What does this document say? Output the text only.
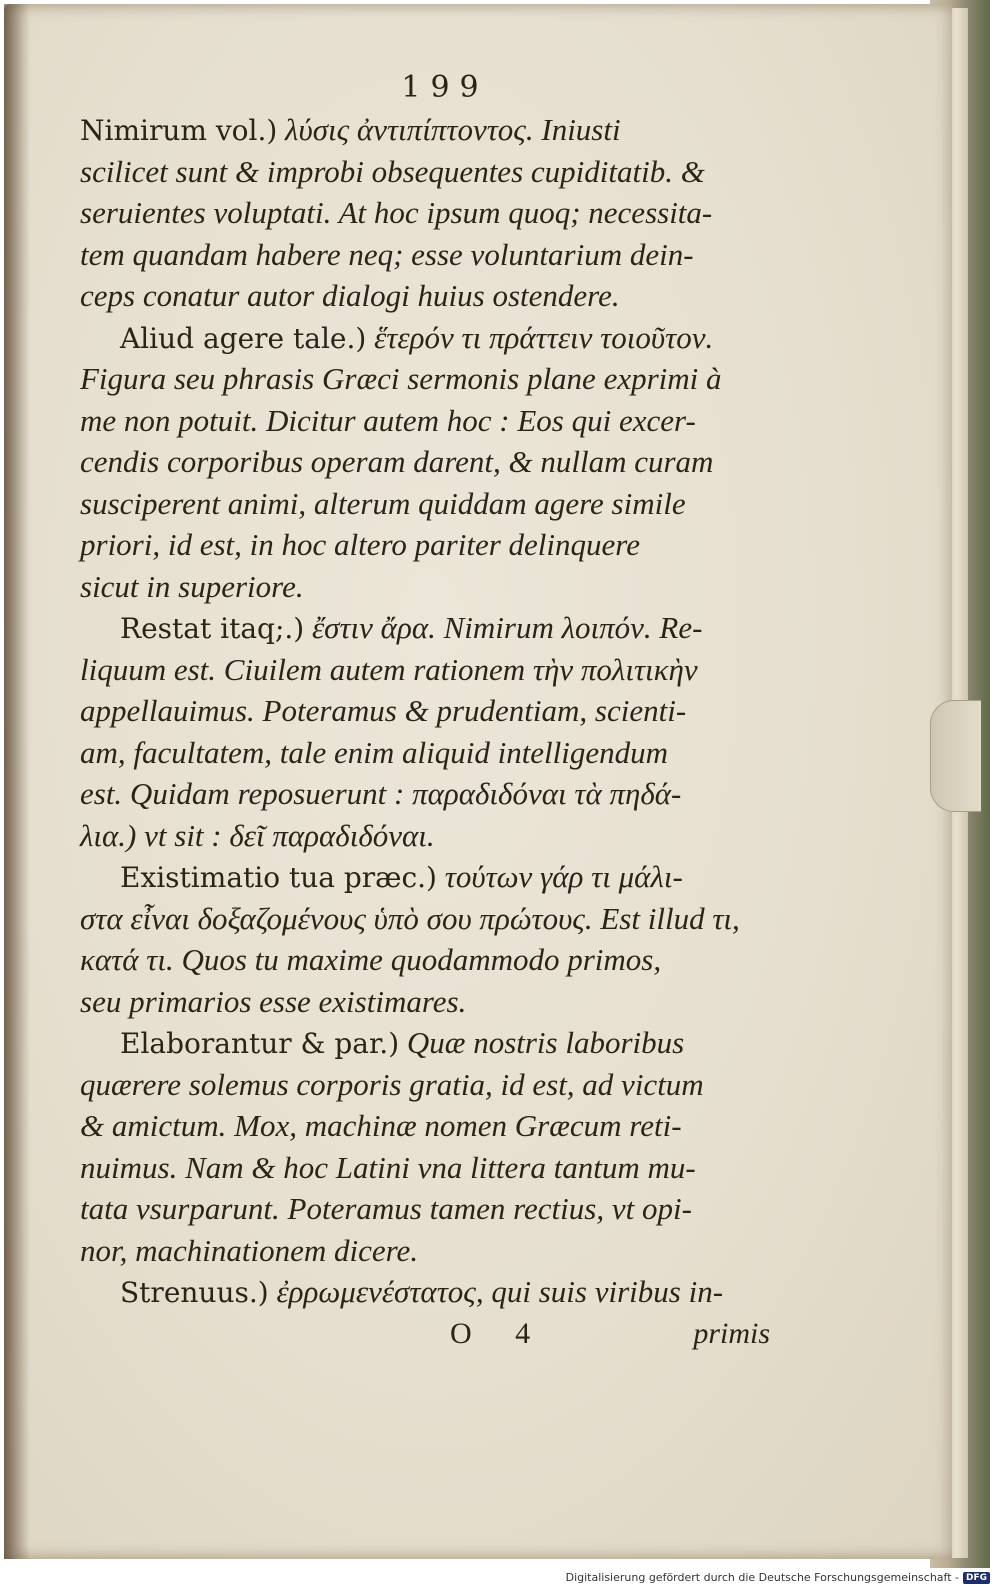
199
Nimirum vol.) λύσις ἀντιπίπτοντος. Iniusti
scilicet sunt & improbi obsequentes cupiditatib. &
seruientes voluptati. At hoc ipsum quoq; necessita-
tem quandam habere neq; esse voluntarium dein-
ceps conatur autor dialogi huius ostendere.
Aliud agere tale.) ἕτερόν τι πράττειν τοιοῦτον.
Figura seu phrasis Græci sermonis plane exprimi à
me non potuit. Dicitur autem hoc : Eos qui excer-
cendis corporibus operam darent, & nullam curam
susciperent animi, alterum quiddam agere simile
priori, id est, in hoc altero pariter delinquere
sicut in superiore.
Restat itaq;.) ἔστιν ἄρα. Nimirum λοιπόν. Re-
liquum est. Ciuilem autem rationem τὴν πολιτικὴν
appellauimus. Poteramus & prudentiam, scienti-
am, facultatem, tale enim aliquid intelligendum
est. Quidam reposuerunt : παραδιδόναι τὰ πηδά-
λια.) vt sit : δεῖ παραδιδόναι.
Existimatio tua præc.) τούτων γάρ τι μάλι-
στα εἶναι δοξαζομένους ὑπὸ σου πρώτους. Est illud τι,
κατά τι. Quos tu maxime quodammodo primos,
seu primarios esse existimares.
Elaborantur & par.) Quæ nostris laboribus
quærere solemus corporis gratia, id est, ad victum
& amictum. Mox, machinæ nomen Græcum reti-
nuimus. Nam & hoc Latini vna littera tantum mu-
tata vsurparunt. Poteramus tamen rectius, vt opi-
nor, machinationem dicere.
Strenuus.) ἐρρωμενέστατος, qui suis viribus in-
O 4	primis
Digitalisierung gefördert durch die Deutsche Forschungsgemeinschaft - DFG
